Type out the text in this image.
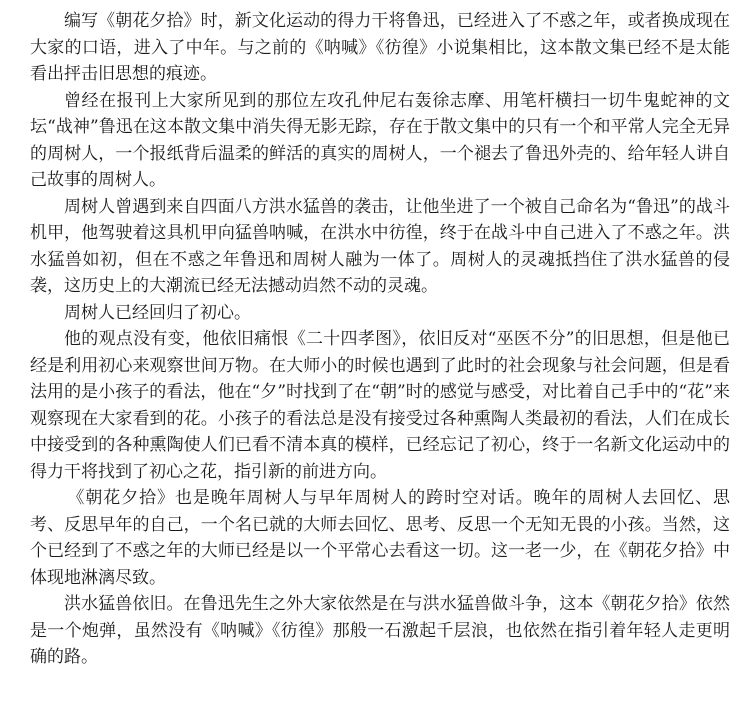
编写《朝花夕拾》时，新文化运动的得力干将鲁迅，已经进入了不惑之年，或者换成现在大家的口语，进入了中年。与之前的《呐喊》《彷徨》小说集相比，这本散文集已经不是太能看出抨击旧思想的痕迹。

曾经在报刊上大家所见到的那位左攻孔仲尼右轰徐志摩、用笔杆横扫一切牛鬼蛇神的文坛“战神”鲁迅在这本散文集中消失得无影无踪，存在于散文集中的只有一个和平常人完全无异的周树人，一个报纸背后温柔的鲜活的真实的周树人，一个褪去了鲁迅外壳的、给年轻人讲自己故事的周树人。

周树人曾遇到来自四面八方洪水猛兽的袭击，让他坐进了一个被自己命名为“鲁迅”的战斗机甲，他驾驶着这具机甲向猛兽呐喊，在洪水中彷徨，终于在战斗中自己进入了不惑之年。洪水猛兽如初，但在不惑之年鲁迅和周树人融为一体了。周树人的灵魂抵挡住了洪水猛兽的侵袭，这历史上的大潮流已经无法撼动岿然不动的灵魂。

周树人已经回归了初心。

他的观点没有变，他依旧痛恨《二十四孝图》，依旧反对“巫医不分”的旧思想，但是他已经是利用初心来观察世间万物。在大师小的时候也遇到了此时的社会现象与社会问题，但是看法用的是小孩子的看法，他在“夕”时找到了在“朝”时的感觉与感受，对比着自己手中的“花”来观察现在大家看到的花。小孩子的看法总是没有接受过各种熏陶人类最初的看法，人们在成长中接受到的各种熏陶使人们已看不清本真的模样，已经忘记了初心，终于一名新文化运动中的得力干将找到了初心之花，指引新的前进方向。

《朝花夕拾》也是晚年周树人与早年周树人的跨时空对话。晚年的周树人去回忆、思考、反思早年的自己，一个名已就的大师去回忆、思考、反思一个无知无畏的小孩。当然，这个已经到了不惑之年的大师已经是以一个平常心去看这一切。这一老一少，在《朝花夕拾》中体现地淋漓尽致。

洪水猛兽依旧。在鲁迅先生之外大家依然是在与洪水猛兽做斗争，这本《朝花夕拾》依然是一个炮弹，虽然没有《呐喊》《彷徨》那般一石激起千层浪，也依然在指引着年轻人走更明确的路。
